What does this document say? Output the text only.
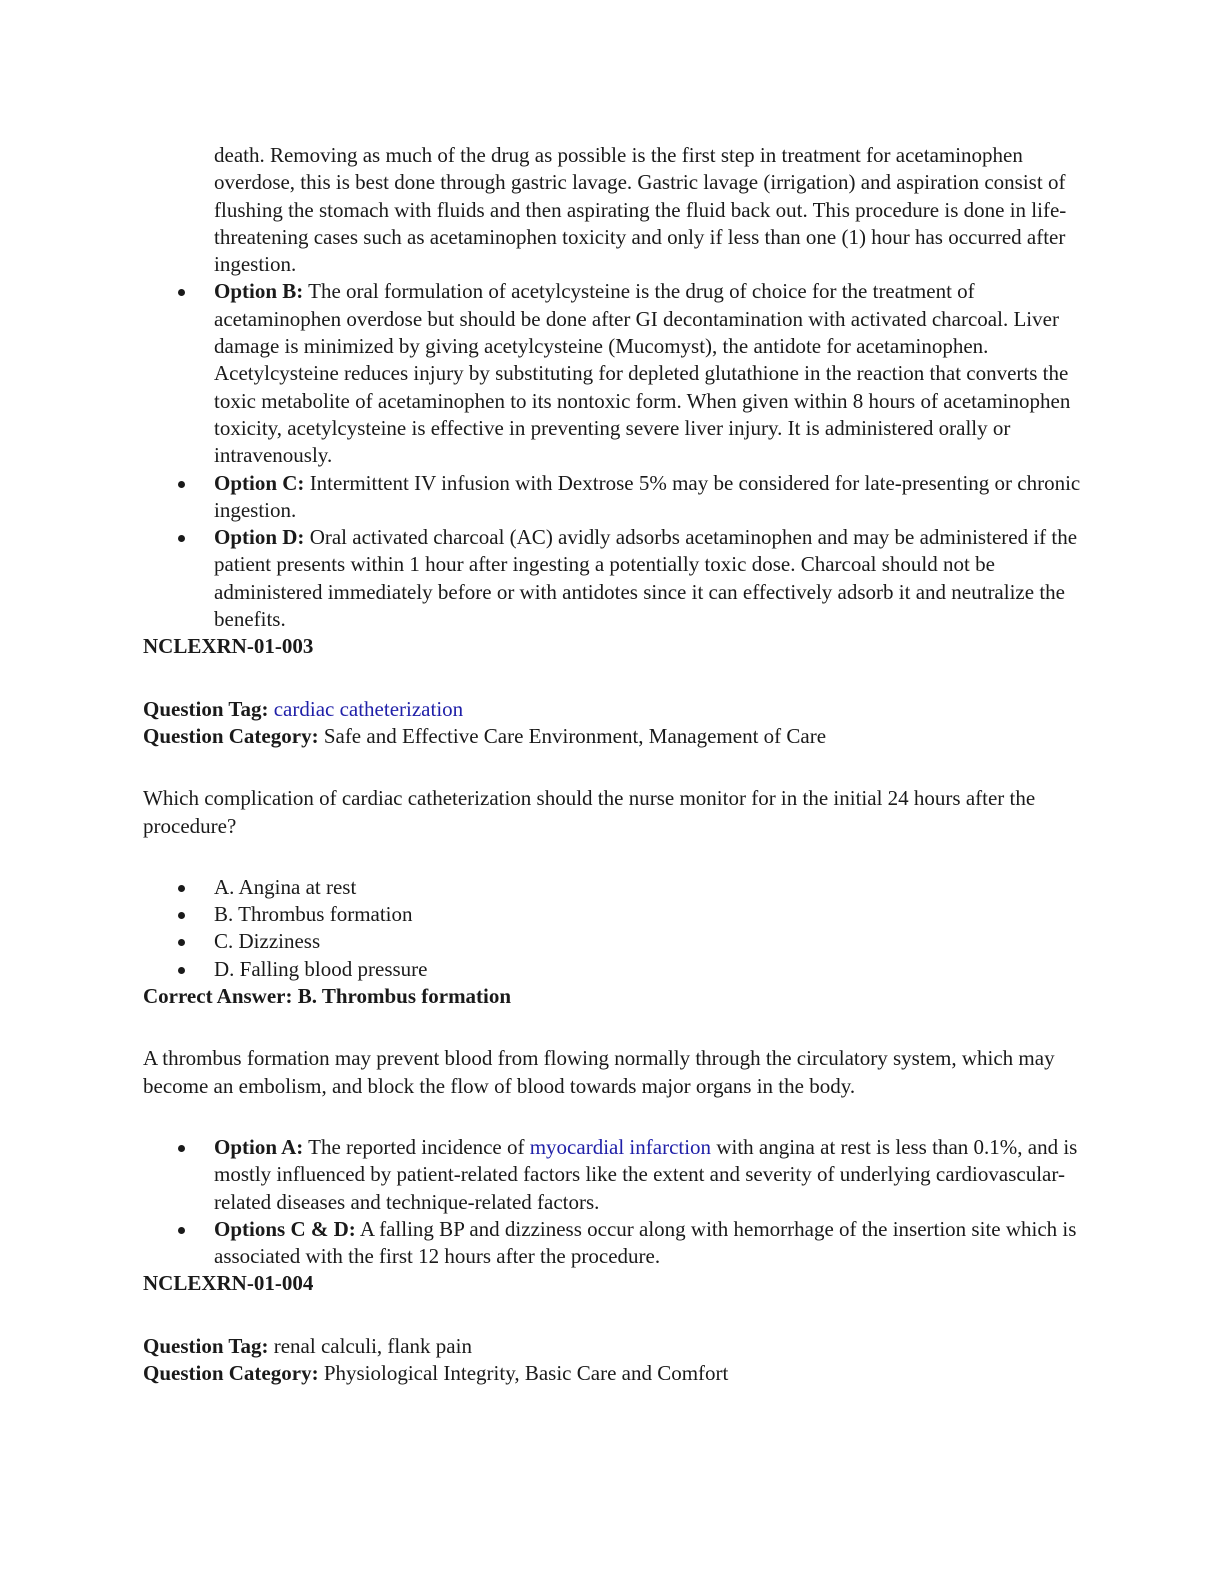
death. Removing as much of the drug as possible is the first step in treatment for acetaminophen overdose, this is best done through gastric lavage. Gastric lavage (irrigation) and aspiration consist of flushing the stomach with fluids and then aspirating the fluid back out. This procedure is done in life-threatening cases such as acetaminophen toxicity and only if less than one (1) hour has occurred after ingestion.

Option B: The oral formulation of acetylcysteine is the drug of choice for the treatment of acetaminophen overdose but should be done after GI decontamination with activated charcoal. Liver damage is minimized by giving acetylcysteine (Mucomyst), the antidote for acetaminophen. Acetylcysteine reduces injury by substituting for depleted glutathione in the reaction that converts the toxic metabolite of acetaminophen to its nontoxic form. When given within 8 hours of acetaminophen toxicity, acetylcysteine is effective in preventing severe liver injury. It is administered orally or intravenously.
Option C: Intermittent IV infusion with Dextrose 5% may be considered for late-presenting or chronic ingestion.
Option D: Oral activated charcoal (AC) avidly adsorbs acetaminophen and may be administered if the patient presents within 1 hour after ingesting a potentially toxic dose. Charcoal should not be administered immediately before or with antidotes since it can effectively adsorb it and neutralize the benefits.
NCLEXRN-01-003

Question Tag: cardiac catheterization

Question Category: Safe and Effective Care Environment, Management of Care

Which complication of cardiac catheterization should the nurse monitor for in the initial 24 hours after the procedure?

A. Angina at rest
B. Thrombus formation
C. Dizziness
D. Falling blood pressure
Correct Answer: B. Thrombus formation

A thrombus formation may prevent blood from flowing normally through the circulatory system, which may become an embolism, and block the flow of blood towards major organs in the body.

Option A: The reported incidence of myocardial infarction with angina at rest is less than 0.1%, and is mostly influenced by patient-related factors like the extent and severity of underlying cardiovascular-related diseases and technique-related factors.
Options C & D: A falling BP and dizziness occur along with hemorrhage of the insertion site which is associated with the first 12 hours after the procedure.
NCLEXRN-01-004

Question Tag: renal calculi, flank pain

Question Category: Physiological Integrity, Basic Care and Comfort
